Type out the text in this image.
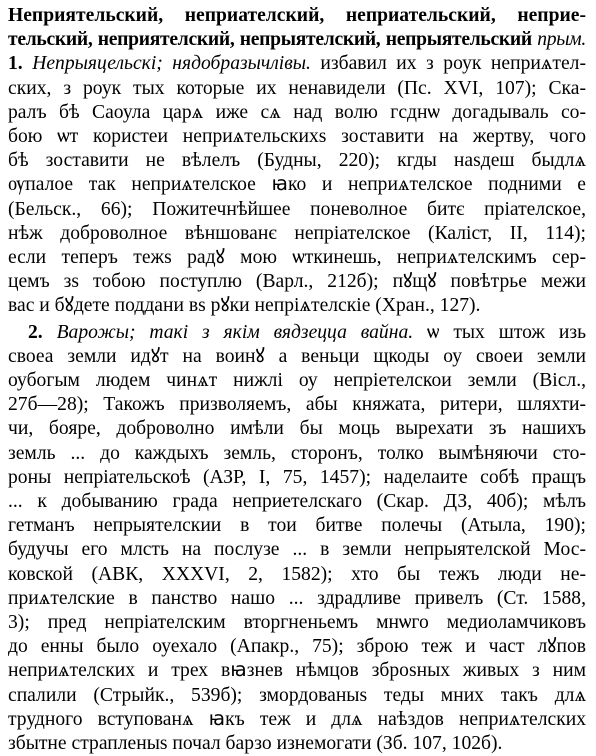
Неприятельский, неприателский, неприательский, неприе-
тельский, неприятелский, непрыятелский, непрыятельский прым.
1. Непрыяцельскі; нядобразычлівы. избавил их з роук неприѧтел-
ских, з роук тых которые их ненавидели (Пс. XVI, 107); Ска-
ралъ бѣ Саоула царѧ иже сѧ над волю гсднѡ догадываль со-
бою ѡт користеи неприѧтельскихѕ зоставити на жертву, чого
бѣ зоставити не вѣлелъ (Будны, 220); кгды наѕдеш быдлѧ
ѹпалое так неприѧтелское ꙗко и неприѧтелское подними е
(Бельск., 66); Пожитечнѣйшее поневолное битє пріателское,
нѣж доброволное вѣншованє непріателское (Каліст, II, 114);
если теперъ тежѕ радꙋ мою ѡткинешь, неприѧтелскимъ сер-
цемъ зѕ тобою поступлю (Варл., 212б); пꙋщꙋ повѣтрье межи
вас и бꙋдете поддани вѕ рꙋки непріѧтелскіе (Хран., 127).
2. Варожы; такі з якім вядзецца вайна. ѡ тых штож изь
своеа земли идꙋт на воинꙋ а веньци щкоды оу своеи земли
оубогым людем чинѧт нижлі оу непріетелскои земли (Вісл.,
27б—28); Такожъ призволяемъ, абы княжата, ритери, шляхти-
чи, бояре, доброволно имѣли бы моць вырехати зъ нашихъ
земль ... до каждыхъ земль, сторонъ, толко вымѣняючи сто-
роны непріательскоѣ (АЗР, I, 75, 1457); наделаите собѣ пращъ
... к добыванию града неприетелскаго (Скар. ДЗ, 40б); мѣлъ
гетманъ непрыятелскии в тои битве полечы (Атыла, 190);
будучы его млсть на послузе ... в земли непрыятелской Мос-
ковской (АВК, XXXVI, 2, 1582); хто бы тежъ люди не-
приѧтелские в панство нашо ... здрадливе привелъ (Ст. 1588,
3); пред непріателским вторгненьемъ мнѡго медиоламчиковъ
до енны было оуехало (Апакр., 75); зброю теж и част лꙋпов
неприѧтелских и трех вꙗзнев нѣмцов зброѕных живых з ним
спалили (Стрыйк., 539б); змордованыѕ теды мних такъ длѧ
трудного вступованѧ ꙗкъ теж и длѧ наѣздов неприѧтелских
збытне страпленыѕ почал барзо изнемогати (Зб. 107, 102б).
